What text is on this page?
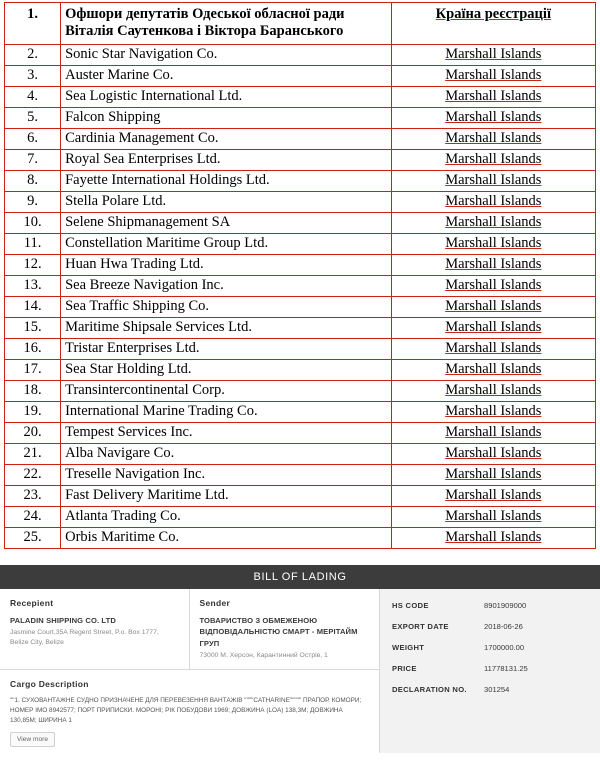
1.	Офшори депутатів Одеської обласної ради Віталія Саутенкова і Віктора Баранського	Країна реєстрації
2.	Sonic Star Navigation Co.	Marshall Islands
3.	Auster Marine Co.	Marshall Islands
4.	Sea Logistic International Ltd.	Marshall Islands
5.	Falcon Shipping	Marshall Islands
6.	Cardinia Management Co.	Marshall Islands
7.	Royal Sea Enterprises Ltd.	Marshall Islands
8.	Fayette International Holdings Ltd.	Marshall Islands
9.	Stella Polare Ltd.	Marshall Islands
10.	Selene Shipmanagement SA	Marshall Islands
11.	Constellation Maritime Group Ltd.	Marshall Islands
12.	Huan Hwa Trading Ltd.	Marshall Islands
13.	Sea Breeze Navigation Inc.	Marshall Islands
14.	Sea Traffic Shipping Co.	Marshall Islands
15.	Maritime Shipsale Services Ltd.	Marshall Islands
16.	Tristar Enterprises Ltd.	Marshall Islands
17.	Sea Star Holding Ltd.	Marshall Islands
18.	Transintercontinental Corp.	Marshall Islands
19.	International Marine Trading Co.	Marshall Islands
20.	Tempest Services Inc.	Marshall Islands
21.	Alba Navigare Co.	Marshall Islands
22.	Treselle Navigation Inc.	Marshall Islands
23.	Fast Delivery Maritime Ltd.	Marshall Islands
24.	Atlanta Trading Co.	Marshall Islands
25.	Orbis Maritime Co.	Marshall Islands
BILL OF LADING
Recepient
PALADIN SHIPPING CO. LTD
Jasmine Court,35A Regent Street, P.o. Box 1777, Belize City, Belize
Sender
ТОВАРИСТВО З ОБМЕЖЕНОЮ ВІДПОВІДАЛЬНІСТЮ СМАРТ - МЕРІТАЙМ ГРУП
73000 М. Херсон, Карантинний Острів, 1
Cargo Description
""1. СУХОВАНТАЖНЕ СУДНО ПРИЗНАЧЕНЕ ДЛЯ ПЕРЕВЕЗЕННЯ ВАНТАЖІВ """"CATHARINE""""" ПРАПОР. КОМОРИ; НОМЕР ІМО 8942577; ПОРТ ПРИПИСКИ. МОРОНІ; РІК ПОБУДОВИ 1969; ДОВЖИНА (LOA) 138,3М; ДОВЖИНА 130,85М; ШИРИНА 1
View more
HS CODE	8901909000
EXPORT DATE	2018-06-26
WEIGHT	1700000.00
PRICE	11778131.25
DECLARATION NO.	301254
